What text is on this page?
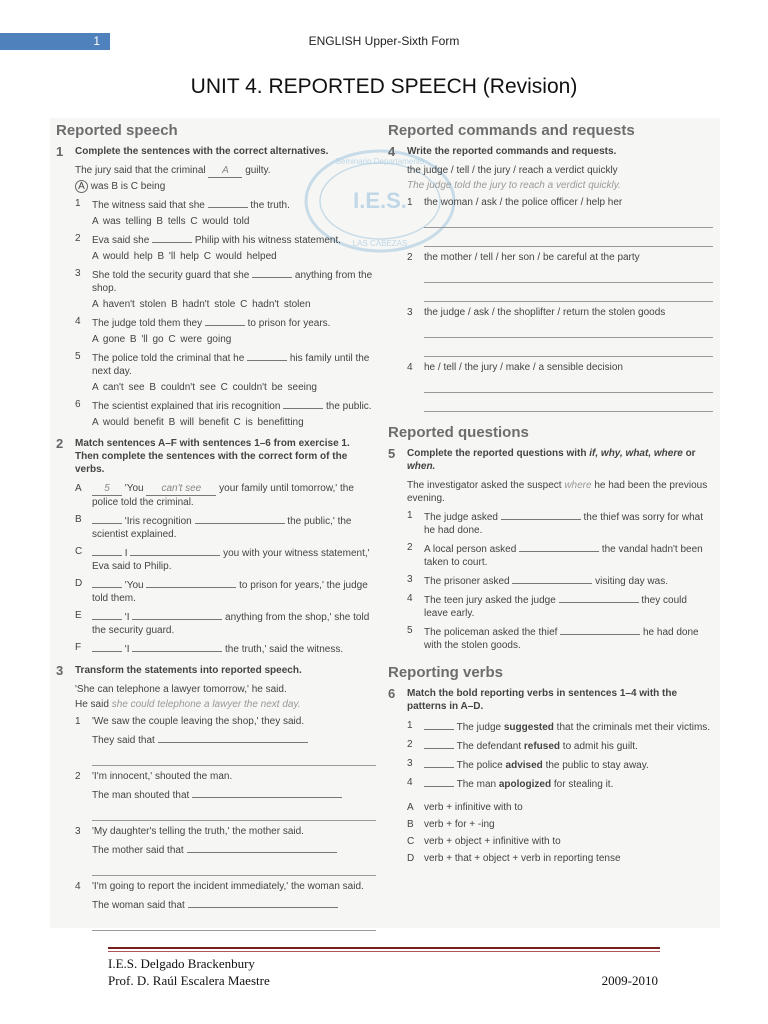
1	ENGLISH Upper-Sixth Form
UNIT 4. REPORTED SPEECH (Revision)
I.E.S.
Seminario Departamento
LAS CABEZAS
Reported speech
1	Complete the sentences with the correct alternatives.
The jury said that the criminal A guilty.
A was B is C being
1	The witness said that she	the truth.
A was telling B tells C would told
2	Eva said she	Philip with his witness statement.
A would help B 'll help C would helped
3	She told the security guard that she	anything from the shop.
A haven't stolen B hadn't stole C hadn't stolen
4	The judge told them they	to prison for years.
A gone B 'll go C were going
5	The police told the criminal that he	his family until the next day.
A can't see B couldn't see C couldn't be seeing
6	The scientist explained that iris recognition	the public.
A would benefit B will benefit C is benefitting
2	Match sentences A–F with sentences 1–6 from exercise 1. Then complete the sentences with the correct form of the verbs.
A	5 'You can't see your family until tomorrow,' the police told the criminal.
B	'Iris recognition	the public,' the scientist explained.
C	I	you with your witness statement,' Eva said to Philip.
D	'You	to prison for years,' the judge told them.
E	'I	anything from the shop,' she told the security guard.
F	'I	the truth,' said the witness.
3	Transform the statements into reported speech.
'She can telephone a lawyer tomorrow,' he said.
He said she could telephone a lawyer the next day.
1	'We saw the couple leaving the shop,' they said.
They said that
2	'I'm innocent,' shouted the man.
The man shouted that
3	'My daughter's telling the truth,' the mother said.
The mother said that
4	'I'm going to report the incident immediately,' the woman said.
The woman said that
Reported commands and requests
4	Write the reported commands and requests.
the judge / tell / the jury / reach a verdict quickly
The judge told the jury to reach a verdict quickly.
1	the woman / ask / the police officer / help her
2	the mother / tell / her son / be careful at the party
3	the judge / ask / the shoplifter / return the stolen goods
4	he / tell / the jury / make / a sensible decision
Reported questions
5	Complete the reported questions with if, why, what, where or when.
The investigator asked the suspect where he had been the previous evening.
1	The judge asked	the thief was sorry for what he had done.
2	A local person asked	the vandal hadn't been taken to court.
3	The prisoner asked	visiting day was.
4	The teen jury asked the judge	they could leave early.
5	The policeman asked the thief	he had done with the stolen goods.
Reporting verbs
6	Match the bold reporting verbs in sentences 1–4 with the patterns in A–D.
1	The judge suggested that the criminals met their victims.
2	The defendant refused to admit his guilt.
3	The police advised the public to stay away.
4	The man apologized for stealing it.
A	verb + infinitive with to
B	verb + for + -ing
C verb + object + infinitive with to
D verb + that + object + verb in reporting tense
I.E.S. Delgado Brackenbury
Prof. D. Raúl Escalera Maestre	2009-2010
